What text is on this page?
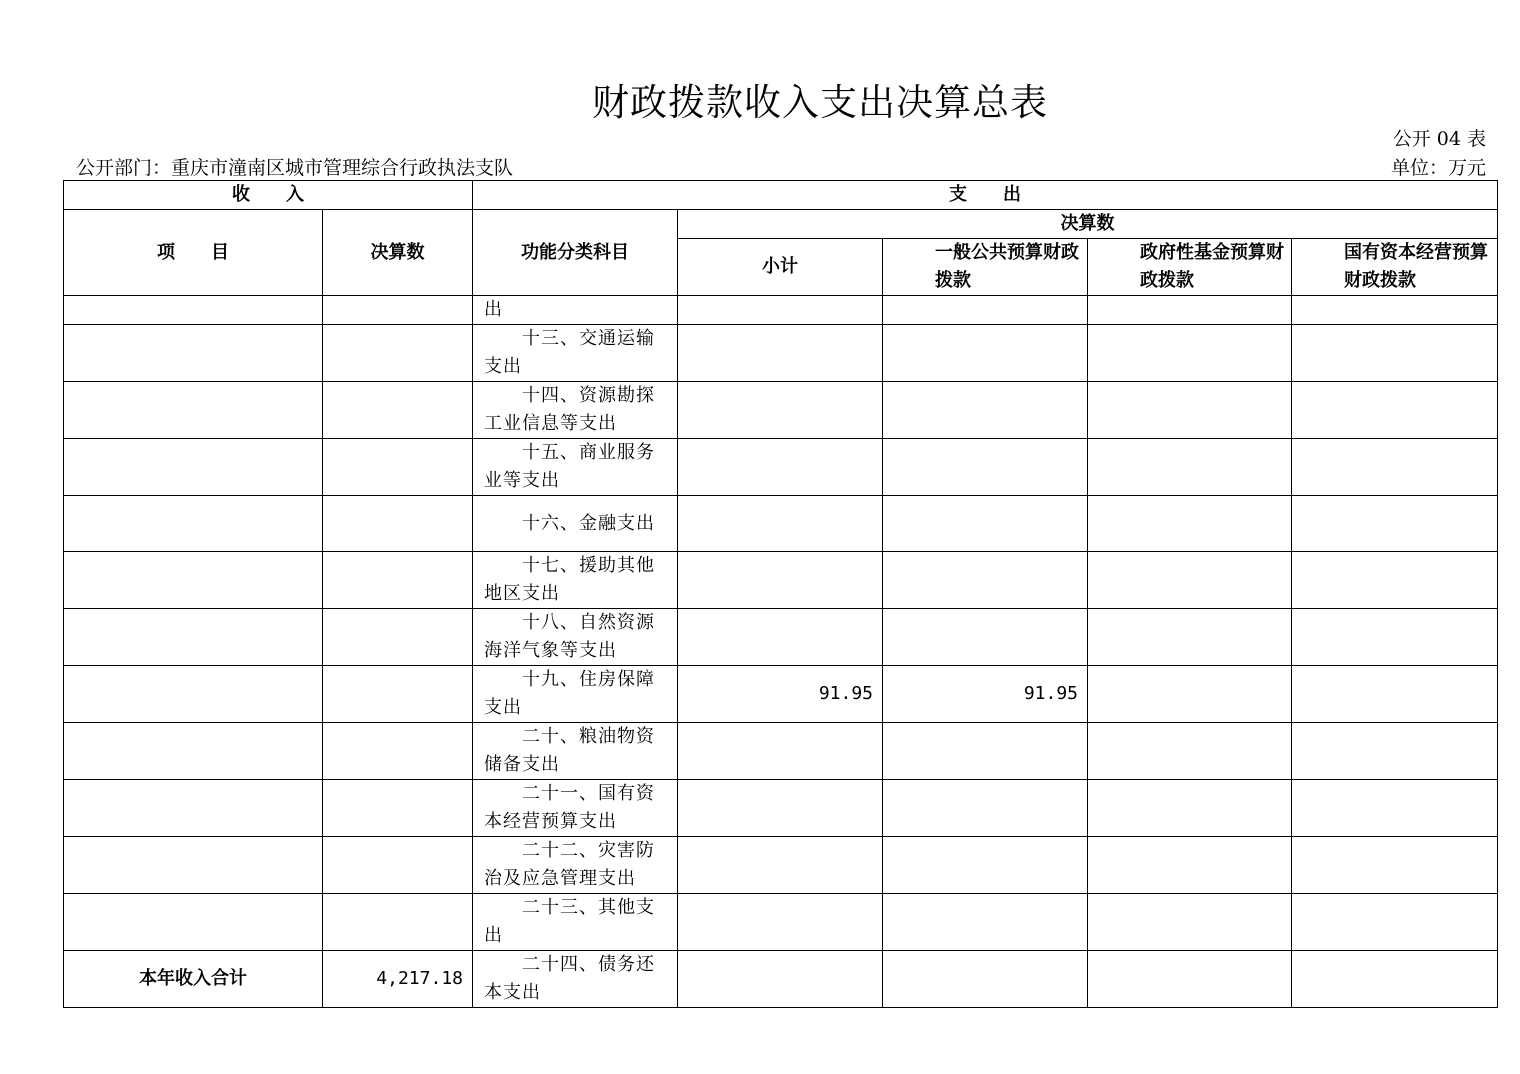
财政拨款收入支出决算总表
公开 04 表
公开部门：重庆市潼南区城市管理综合行政执法支队	单位：万元
收　　入		支　　出				
项　　目	决算数	功能分类科目	决算数			
			小计	一般公共预算财政拨款	政府性基金预算财政拨款	国有资本经营预算财政拨款
		出				
		十三、交通运输支出				
		十四、资源勘探工业信息等支出				
		十五、商业服务业等支出				
		十六、金融支出				
		十七、援助其他地区支出				
		十八、自然资源海洋气象等支出				
		十九、住房保障支出	91.95	91.95		
		二十、粮油物资储备支出				
		二十一、国有资本经营预算支出				
		二十二、灾害防治及应急管理支出				
		二十三、其他支出				
本年收入合计	4,217.18	二十四、债务还本支出				
